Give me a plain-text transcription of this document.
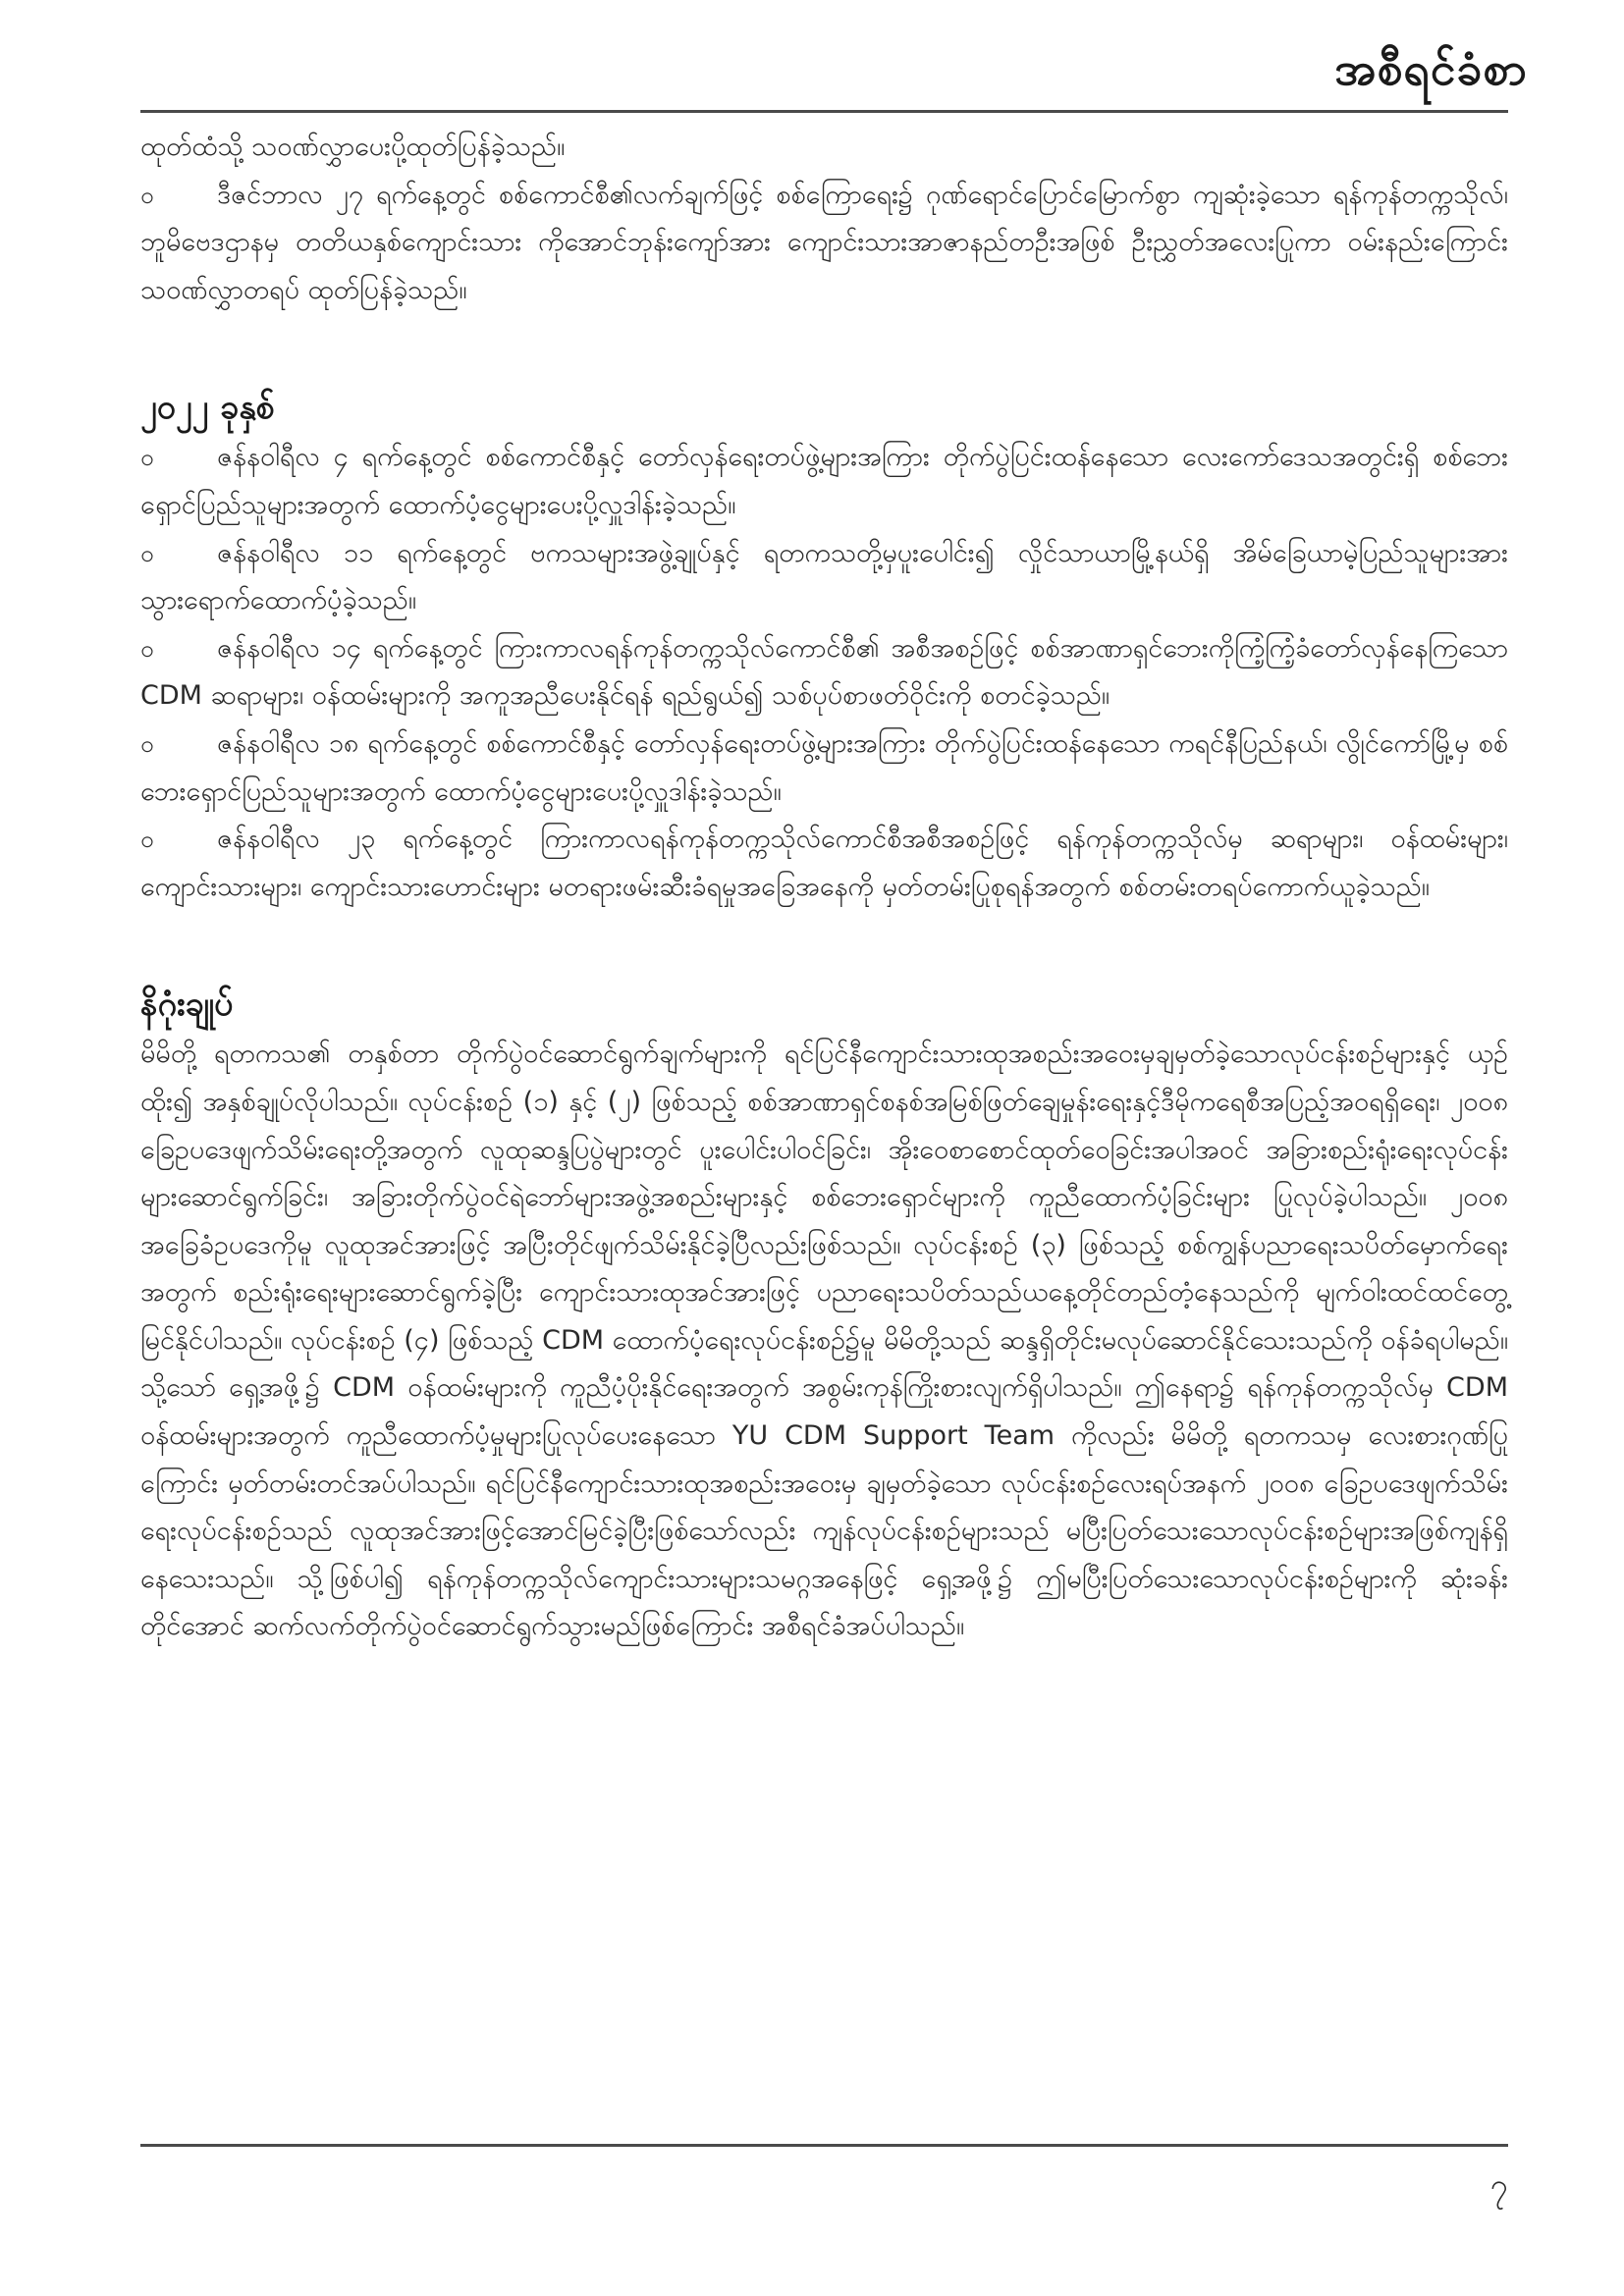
အစီရင်ခံစာ

ထုတ်ထံသို့ သဝဏ်လွှာပေးပို့ထုတ်ပြန်ခဲ့သည်။

ဝ ဒီဇင်ဘာလ ၂၇ ရက်နေ့တွင် စစ်ကောင်စီ၏လက်ချက်ဖြင့် စစ်ကြောရေး၌ ဂုဏ်ရောင်ပြောင်မြောက်စွာ ကျဆုံးခဲ့သော ရန်ကုန်တက္ကသိုလ်၊ ဘူမိဗေဒဌာနမှ တတိယနှစ်ကျောင်းသား ကိုအောင်ဘုန်းကျော်အား ကျောင်းသားအာဇာနည်တဦးအဖြစ် ဦးညွှတ်အလေးပြုကာ ဝမ်းနည်းကြောင်းသဝဏ်လွှာတရပ် ထုတ်ပြန်ခဲ့သည်။

၂၀၂၂ ခုနှစ်

ဝ ဇန်နဝါရီလ ၄ ရက်နေ့တွင် စစ်ကောင်စီနှင့် တော်လှန်ရေးတပ်ဖွဲ့များအကြား တိုက်ပွဲပြင်းထန်နေသော လေးကော်ဒေသအတွင်းရှိ စစ်ဘေးရှောင်ပြည်သူများအတွက် ထောက်ပံ့ငွေများပေးပို့လှူဒါန်းခဲ့သည်။

ဝ ဇန်နဝါရီလ ၁၁ ရက်နေ့တွင် ဗကသများအဖွဲ့ချုပ်နှင့် ရတကသတို့မှပူးပေါင်း၍ လှိုင်သာယာမြို့နယ်ရှိ အိမ်ခြေယာမဲ့ပြည်သူများအား သွားရောက်ထောက်ပံ့ခဲ့သည်။

ဝ ဇန်နဝါရီလ ၁၄ ရက်နေ့တွင် ကြားကာလရန်ကုန်တက္ကသိုလ်ကောင်စီ၏ အစီအစဉ်ဖြင့် စစ်အာဏာရှင်ဘေးကိုကြံ့ကြံ့ခံတော်လှန်နေကြသော CDM ဆရာများ၊ ဝန်ထမ်းများကို အကူအညီပေးနိုင်ရန် ရည်ရွယ်၍ သစ်ပုပ်စာဖတ်ဝိုင်းကို စတင်ခဲ့သည်။

ဝ ဇန်နဝါရီလ ၁၈ ရက်နေ့တွင် စစ်ကောင်စီနှင့် တော်လှန်ရေးတပ်ဖွဲ့များအကြား တိုက်ပွဲပြင်းထန်နေသော ကရင်နီပြည်နယ်၊ လွိုင်ကော်မြို့မှ စစ်ဘေးရှောင်ပြည်သူများအတွက် ထောက်ပံ့ငွေများပေးပို့လှူဒါန်းခဲ့သည်။

ဝ ဇန်နဝါရီလ ၂၃ ရက်နေ့တွင် ကြားကာလရန်ကုန်တက္ကသိုလ်ကောင်စီအစီအစဉ်ဖြင့် ရန်ကုန်တက္ကသိုလ်မှ ဆရာများ၊ ဝန်ထမ်းများ၊ ကျောင်းသားများ၊ ကျောင်းသားဟောင်းများ မတရားဖမ်းဆီးခံရမှုအခြေအနေကို မှတ်တမ်းပြုစုရန်အတွက် စစ်တမ်းတရပ်ကောက်ယူခဲ့သည်။

နိဂုံးချုပ်

မိမိတို့ ရတကသ၏ တနှစ်တာ တိုက်ပွဲဝင်ဆောင်ရွက်ချက်များကို ရင်ပြင်နီကျောင်းသားထုအစည်းအဝေးမှချမှတ်ခဲ့သောလုပ်ငန်းစဉ်များနှင့် ယှဉ်ထိုး၍ အနှစ်ချုပ်လိုပါသည်။ လုပ်ငန်းစဉ် (၁) နှင့် (၂) ဖြစ်သည့် စစ်အာဏာရှင်စနစ်အမြစ်ဖြတ်ချေမှုန်းရေးနှင့်ဒီမိုကရေစီအပြည့်အဝရရှိရေး၊ ၂၀၀၈ ခြေဥပဒေဖျက်သိမ်းရေးတို့အတွက် လူထုဆန္ဒပြပွဲများတွင် ပူးပေါင်းပါဝင်ခြင်း၊ အိုးဝေစာစောင်ထုတ်ဝေခြင်းအပါအဝင် အခြားစည်းရုံးရေးလုပ်ငန်းများဆောင်ရွက်ခြင်း၊ အခြားတိုက်ပွဲဝင်ရဲဘော်များအဖွဲ့အစည်းများနှင့် စစ်ဘေးရှောင်များကို ကူညီထောက်ပံ့ခြင်းများ ပြုလုပ်ခဲ့ပါသည်။ ၂၀၀၈ အခြေခံဥပဒေကိုမူ လူထုအင်အားဖြင့် အပြီးတိုင်ဖျက်သိမ်းနိုင်ခဲ့ပြီလည်းဖြစ်သည်။ လုပ်ငန်းစဉ် (၃) ဖြစ်သည့် စစ်ကျွန်ပညာရေးသပိတ်မှောက်ရေးအတွက် စည်းရုံးရေးများဆောင်ရွက်ခဲ့ပြီး ကျောင်းသားထုအင်အားဖြင့် ပညာရေးသပိတ်သည်ယနေ့တိုင်တည်တံ့နေသည်ကို မျက်ဝါးထင်ထင်တွေ့မြင်နိုင်ပါသည်။ လုပ်ငန်းစဉ် (၄) ဖြစ်သည့် CDM ထောက်ပံ့ရေးလုပ်ငန်းစဉ်၌မူ မိမိတို့သည် ဆန္ဒရှိတိုင်းမလုပ်ဆောင်နိုင်သေးသည်ကို ဝန်ခံရပါမည်။ သို့သော် ရှေ့အဖို့၌ CDM ဝန်ထမ်းများကို ကူညီပံ့ပိုးနိုင်ရေးအတွက် အစွမ်းကုန်ကြိုးစားလျက်ရှိပါသည်။ ဤနေရာ၌ ရန်ကုန်တက္ကသိုလ်မှ CDM ဝန်ထမ်းများအတွက် ကူညီထောက်ပံ့မှုများပြုလုပ်ပေးနေသော YU CDM Support Team ကိုလည်း မိမိတို့ ရတကသမှ လေးစားဂုဏ်ပြုကြောင်း မှတ်တမ်းတင်အပ်ပါသည်။ ရင်ပြင်နီကျောင်းသားထုအစည်းအဝေးမှ ချမှတ်ခဲ့သော လုပ်ငန်းစဉ်လေးရပ်အနက် ၂၀၀၈ ခြေဥပဒေဖျက်သိမ်းရေးလုပ်ငန်းစဉ်သည် လူထုအင်အားဖြင့်အောင်မြင်ခဲ့ပြီးဖြစ်သော်လည်း ကျန်လုပ်ငန်းစဉ်များသည် မပြီးပြတ်သေးသောလုပ်ငန်းစဉ်များအဖြစ်ကျန်ရှိနေသေးသည်။ သို့ဖြစ်ပါ၍ ရန်ကုန်တက္ကသိုလ်ကျောင်းသားများသမဂ္ဂအနေဖြင့် ရှေ့အဖို့၌ ဤမပြီးပြတ်သေးသောလုပ်ငန်းစဉ်များကို ဆုံးခန်းတိုင်အောင် ဆက်လက်တိုက်ပွဲဝင်ဆောင်ရွက်သွားမည်ဖြစ်ကြောင်း အစီရင်ခံအပ်ပါသည်။

၇
